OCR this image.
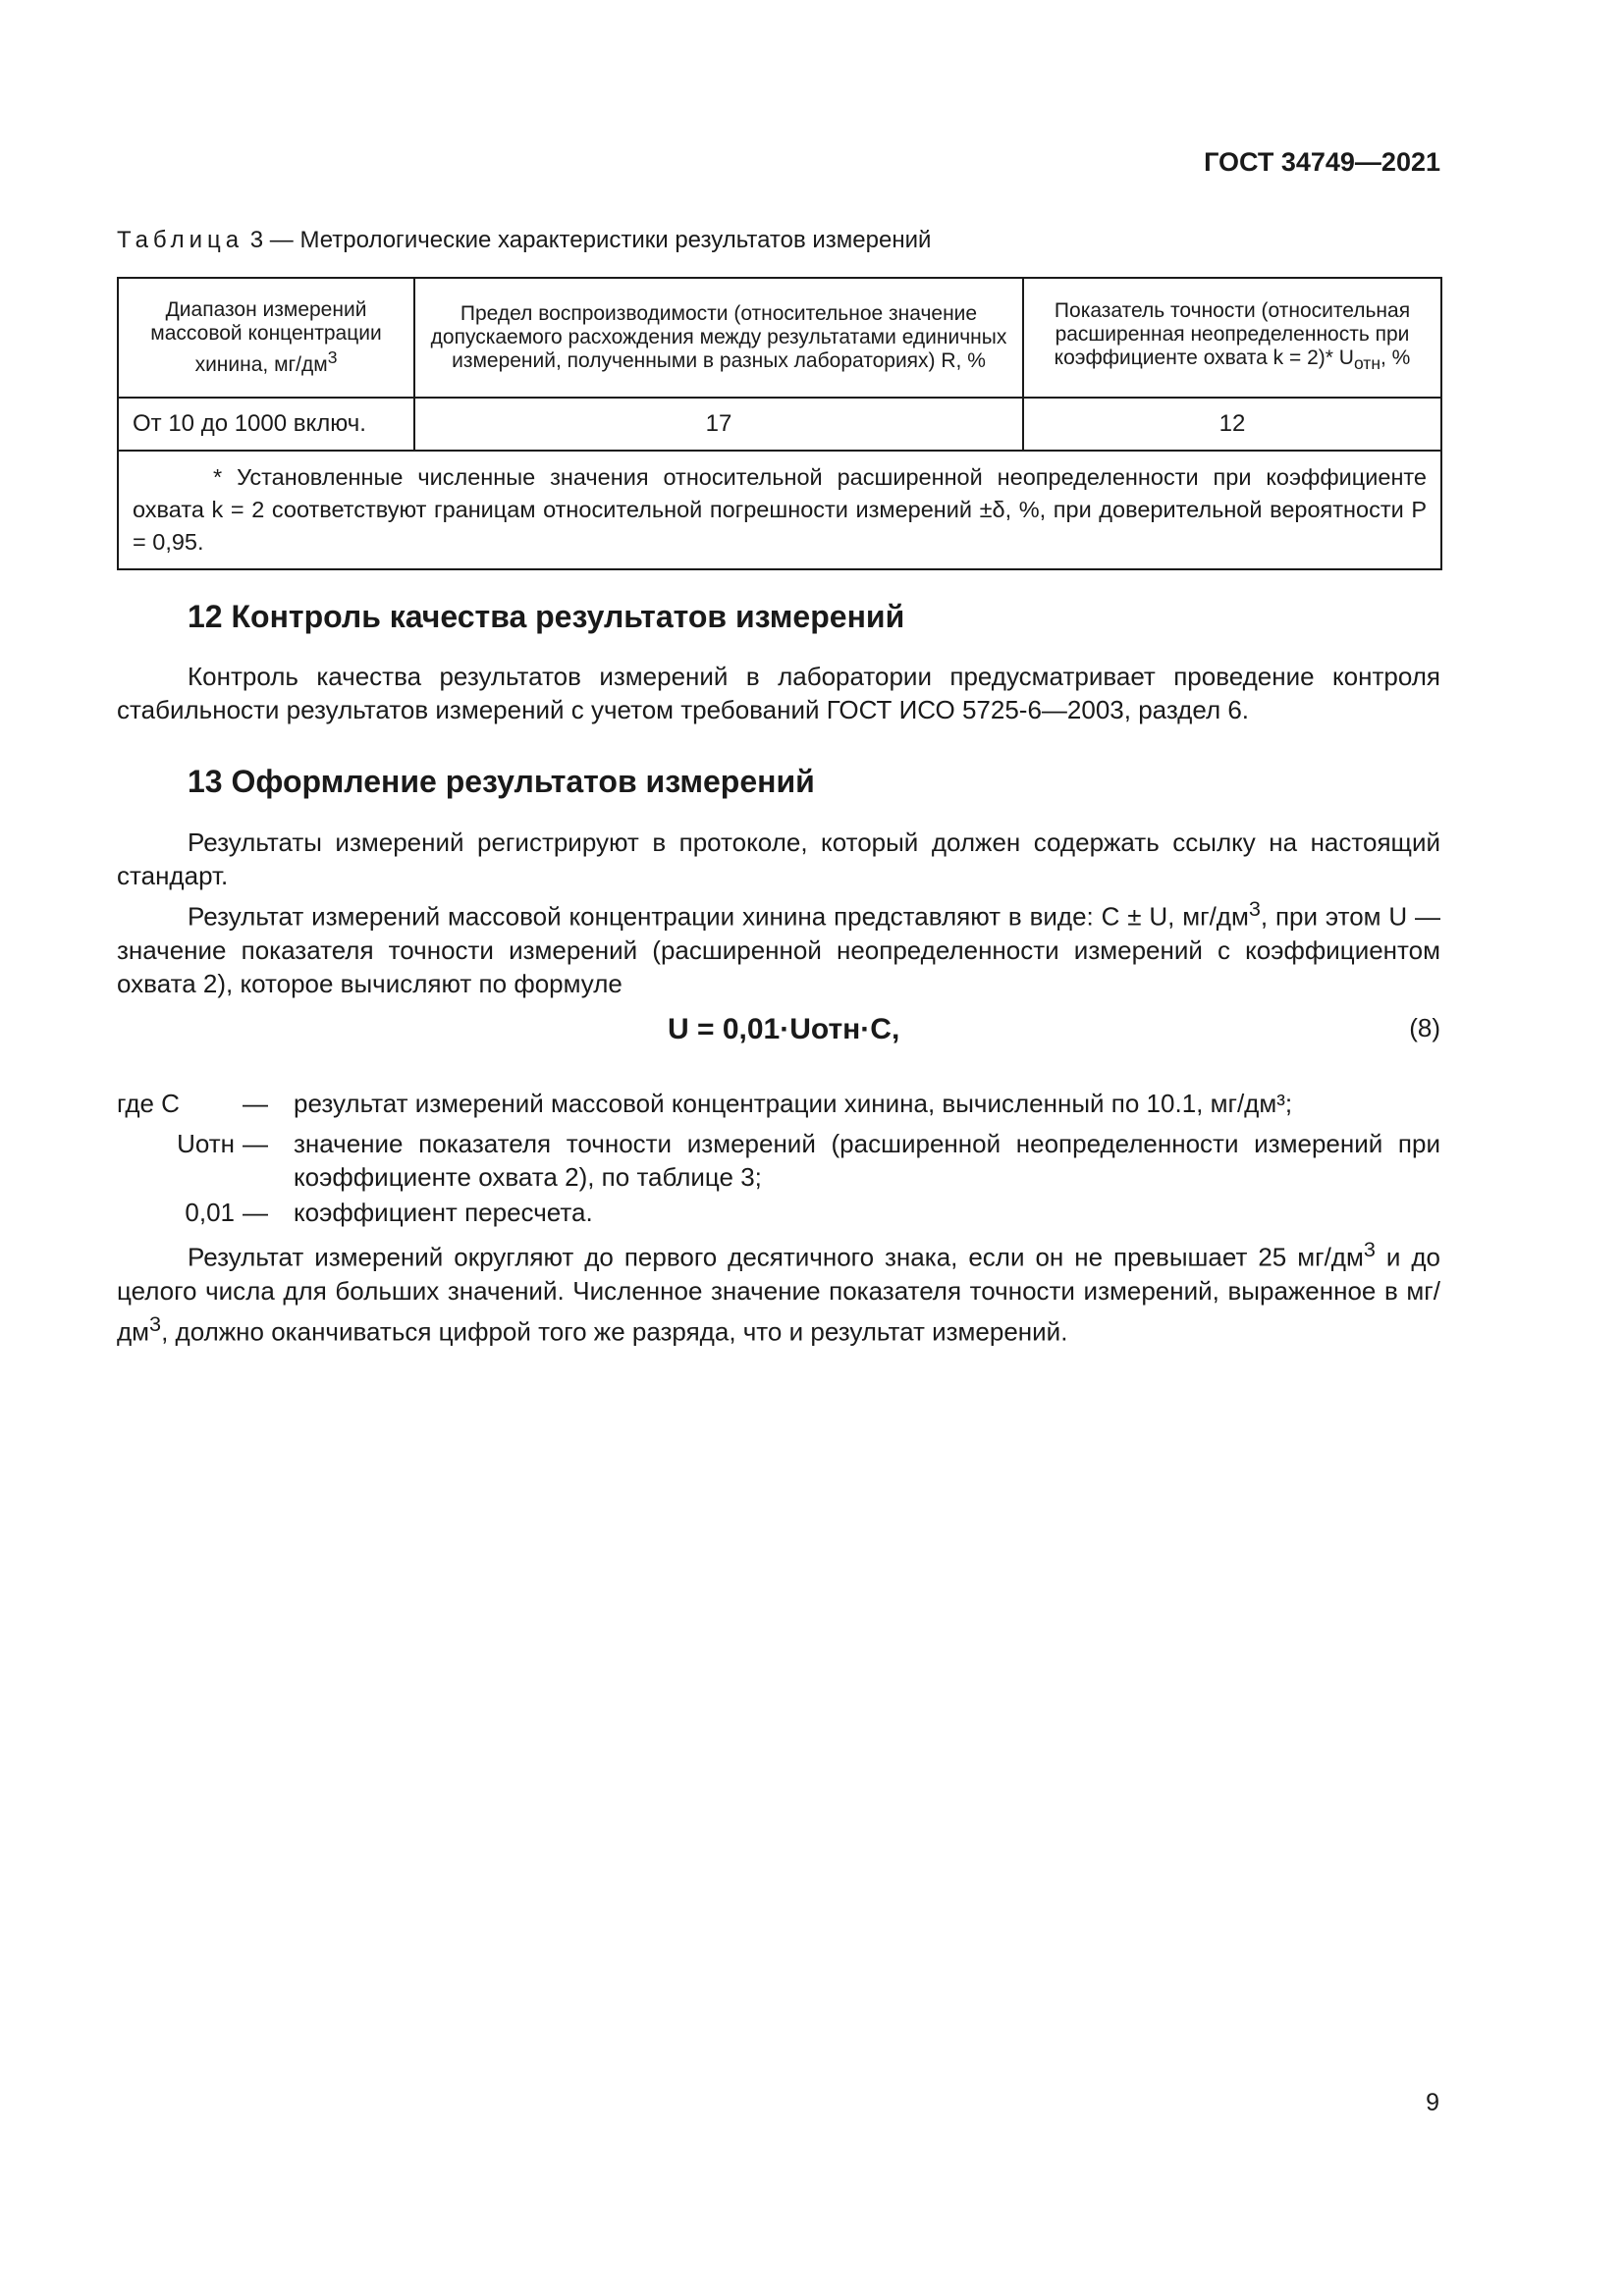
ГОСТ 34749—2021
Таблица 3 — Метрологические характеристики результатов измерений
Диапазон измерений массовой концентрации хинина, $мг/дм^3$	Предел воспроизводимости (относительное значение допускаемого расхождения между результатами единичных измерений, полученными в разных лабораториях) R, %	Показатель точности (относительная расширенная неопределенность при коэффициенте охвата k = 2)* $U_{отн}$, %
От 10 до 1000 включ.	17	12
* Установленные численные значения относительной расширенной неопределенности при коэффициенте охвата k = 2 соответствуют границам относительной погрешности измерений ±δ, %, при доверительной вероятности P = 0,95.		
12 Контроль качества результатов измерений

Контроль качества результатов измерений в лаборатории предусматривает проведение контроля стабильности результатов измерений с учетом требований ГОСТ ИСО 5725-6—2003, раздел 6.

13 Оформление результатов измерений

Результаты измерений регистрируют в протоколе, который должен содержать ссылку на настоящий стандарт.

Результат измерений массовой концентрации хинина представляют в виде: C ± U, $мг/дм^3$, при этом U — значение показателя точности измерений (расширенной неопределенности измерений с коэффициентом охвата 2), которое вычисляют по формуле

U = 0,01·Uотн·C,	(8)
где C — результат измерений массовой концентрации хинина, вычисленный по 10.1, мг/дм³;
Uотн — значение показателя точности измерений (расширенной неопределенности измерений при коэффициенте охвата 2), по таблице 3;
0,01 — коэффициент пересчета.

Результат измерений округляют до первого десятичного знака, если он не превышает 25 $мг/дм^3$ и до целого числа для больших значений. Численное значение показателя точности измерений, выраженное в $мг/дм^3$, должно оканчиваться цифрой того же разряда, что и результат измерений.

9
